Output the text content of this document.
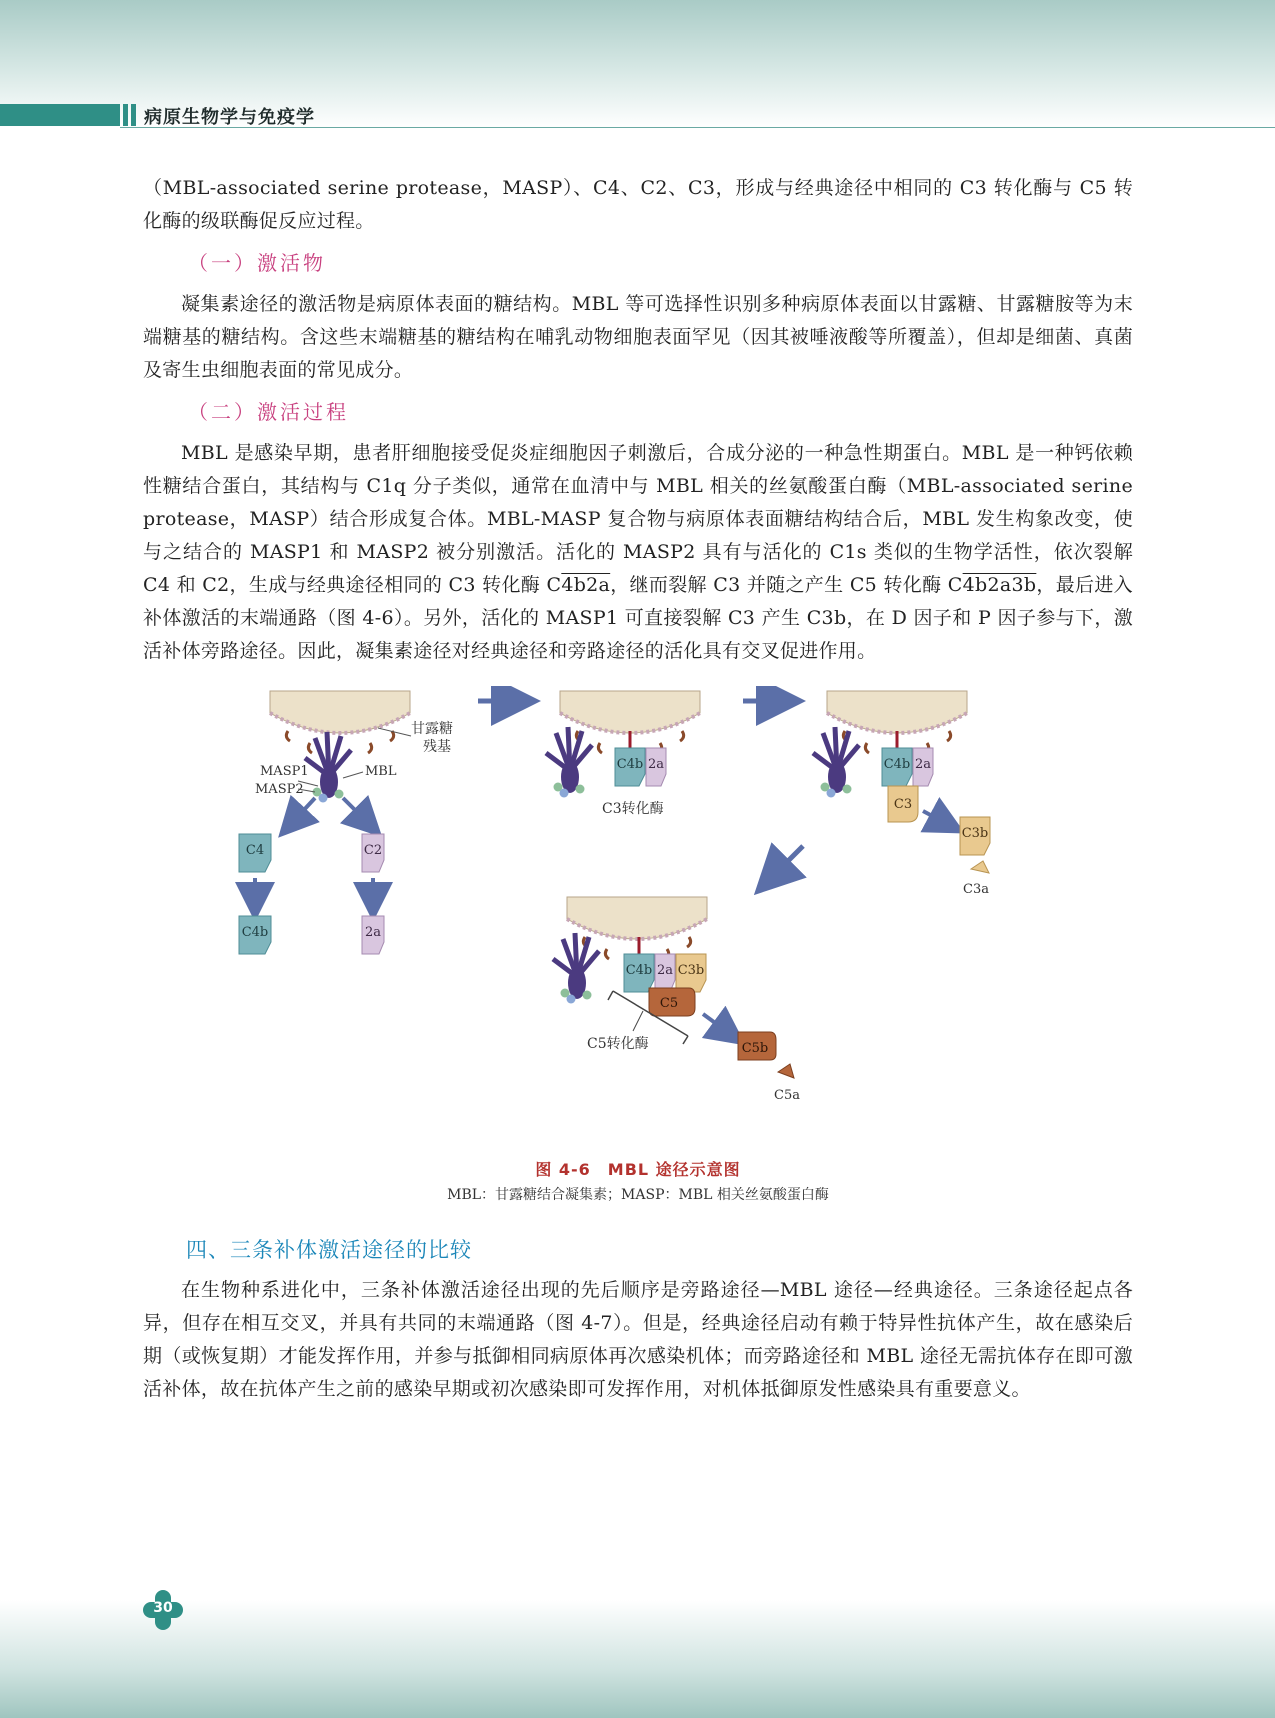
病原生物学与免疫学

（MBL-associated serine protease，MASP）、C4、C2、C3，形成与经典途径中相同的 C3 转化酶与 C5 转化酶的级联酶促反应过程。

（一）激活物

凝集素途径的激活物是病原体表面的糖结构。MBL 等可选择性识别多种病原体表面以甘露糖、甘露糖胺等为末端糖基的糖结构。含这些末端糖基的糖结构在哺乳动物细胞表面罕见（因其被唾液酸等所覆盖），但却是细菌、真菌及寄生虫细胞表面的常见成分。

（二）激活过程

MBL 是感染早期，患者肝细胞接受促炎症细胞因子刺激后，合成分泌的一种急性期蛋白。MBL 是一种钙依赖性糖结合蛋白，其结构与 C1q 分子类似，通常在血清中与 MBL 相关的丝氨酸蛋白酶（MBL-associated serine protease，MASP）结合形成复合体。MBL-MASP 复合物与病原体表面糖结构结合后，MBL 发生构象改变，使与之结合的 MASP1 和 MASP2 被分别激活。活化的 MASP2 具有与活化的 C1s 类似的生物学活性，依次裂解 C4 和 C2，生成与经典途径相同的 C3 转化酶 C4b2a，继而裂解 C3 并随之产生 C5 转化酶 C4b2a3b，最后进入补体激活的末端通路（图 4-6）。另外，活化的 MASP1 可直接裂解 C3 产生 C3b，在 D 因子和 P 因子参与下，激活补体旁路途径。因此，凝集素途径对经典途径和旁路途径的活化具有交叉促进作用。

甘露糖
残基
MASP1
MASP2
MBL
C4	C2
C4b	2a
C4b 2a
C3转化酶
C4b 2a
C3
C3b
C3a
C4b 2a C3b
C5
C5转化酶	C5b
C5a
图 4-6　MBL 途径示意图
MBL：甘露糖结合凝集素；MASP：MBL 相关丝氨酸蛋白酶
四、三条补体激活途径的比较

在生物种系进化中，三条补体激活途径出现的先后顺序是旁路途径—MBL 途径—经典途径。三条途径起点各异，但存在相互交叉，并具有共同的末端通路（图 4-7）。但是，经典途径启动有赖于特异性抗体产生，故在感染后期（或恢复期）才能发挥作用，并参与抵御相同病原体再次感染机体；而旁路途径和 MBL 途径无需抗体存在即可激活补体，故在抗体产生之前的感染早期或初次感染即可发挥作用，对机体抵御原发性感染具有重要意义。

30
